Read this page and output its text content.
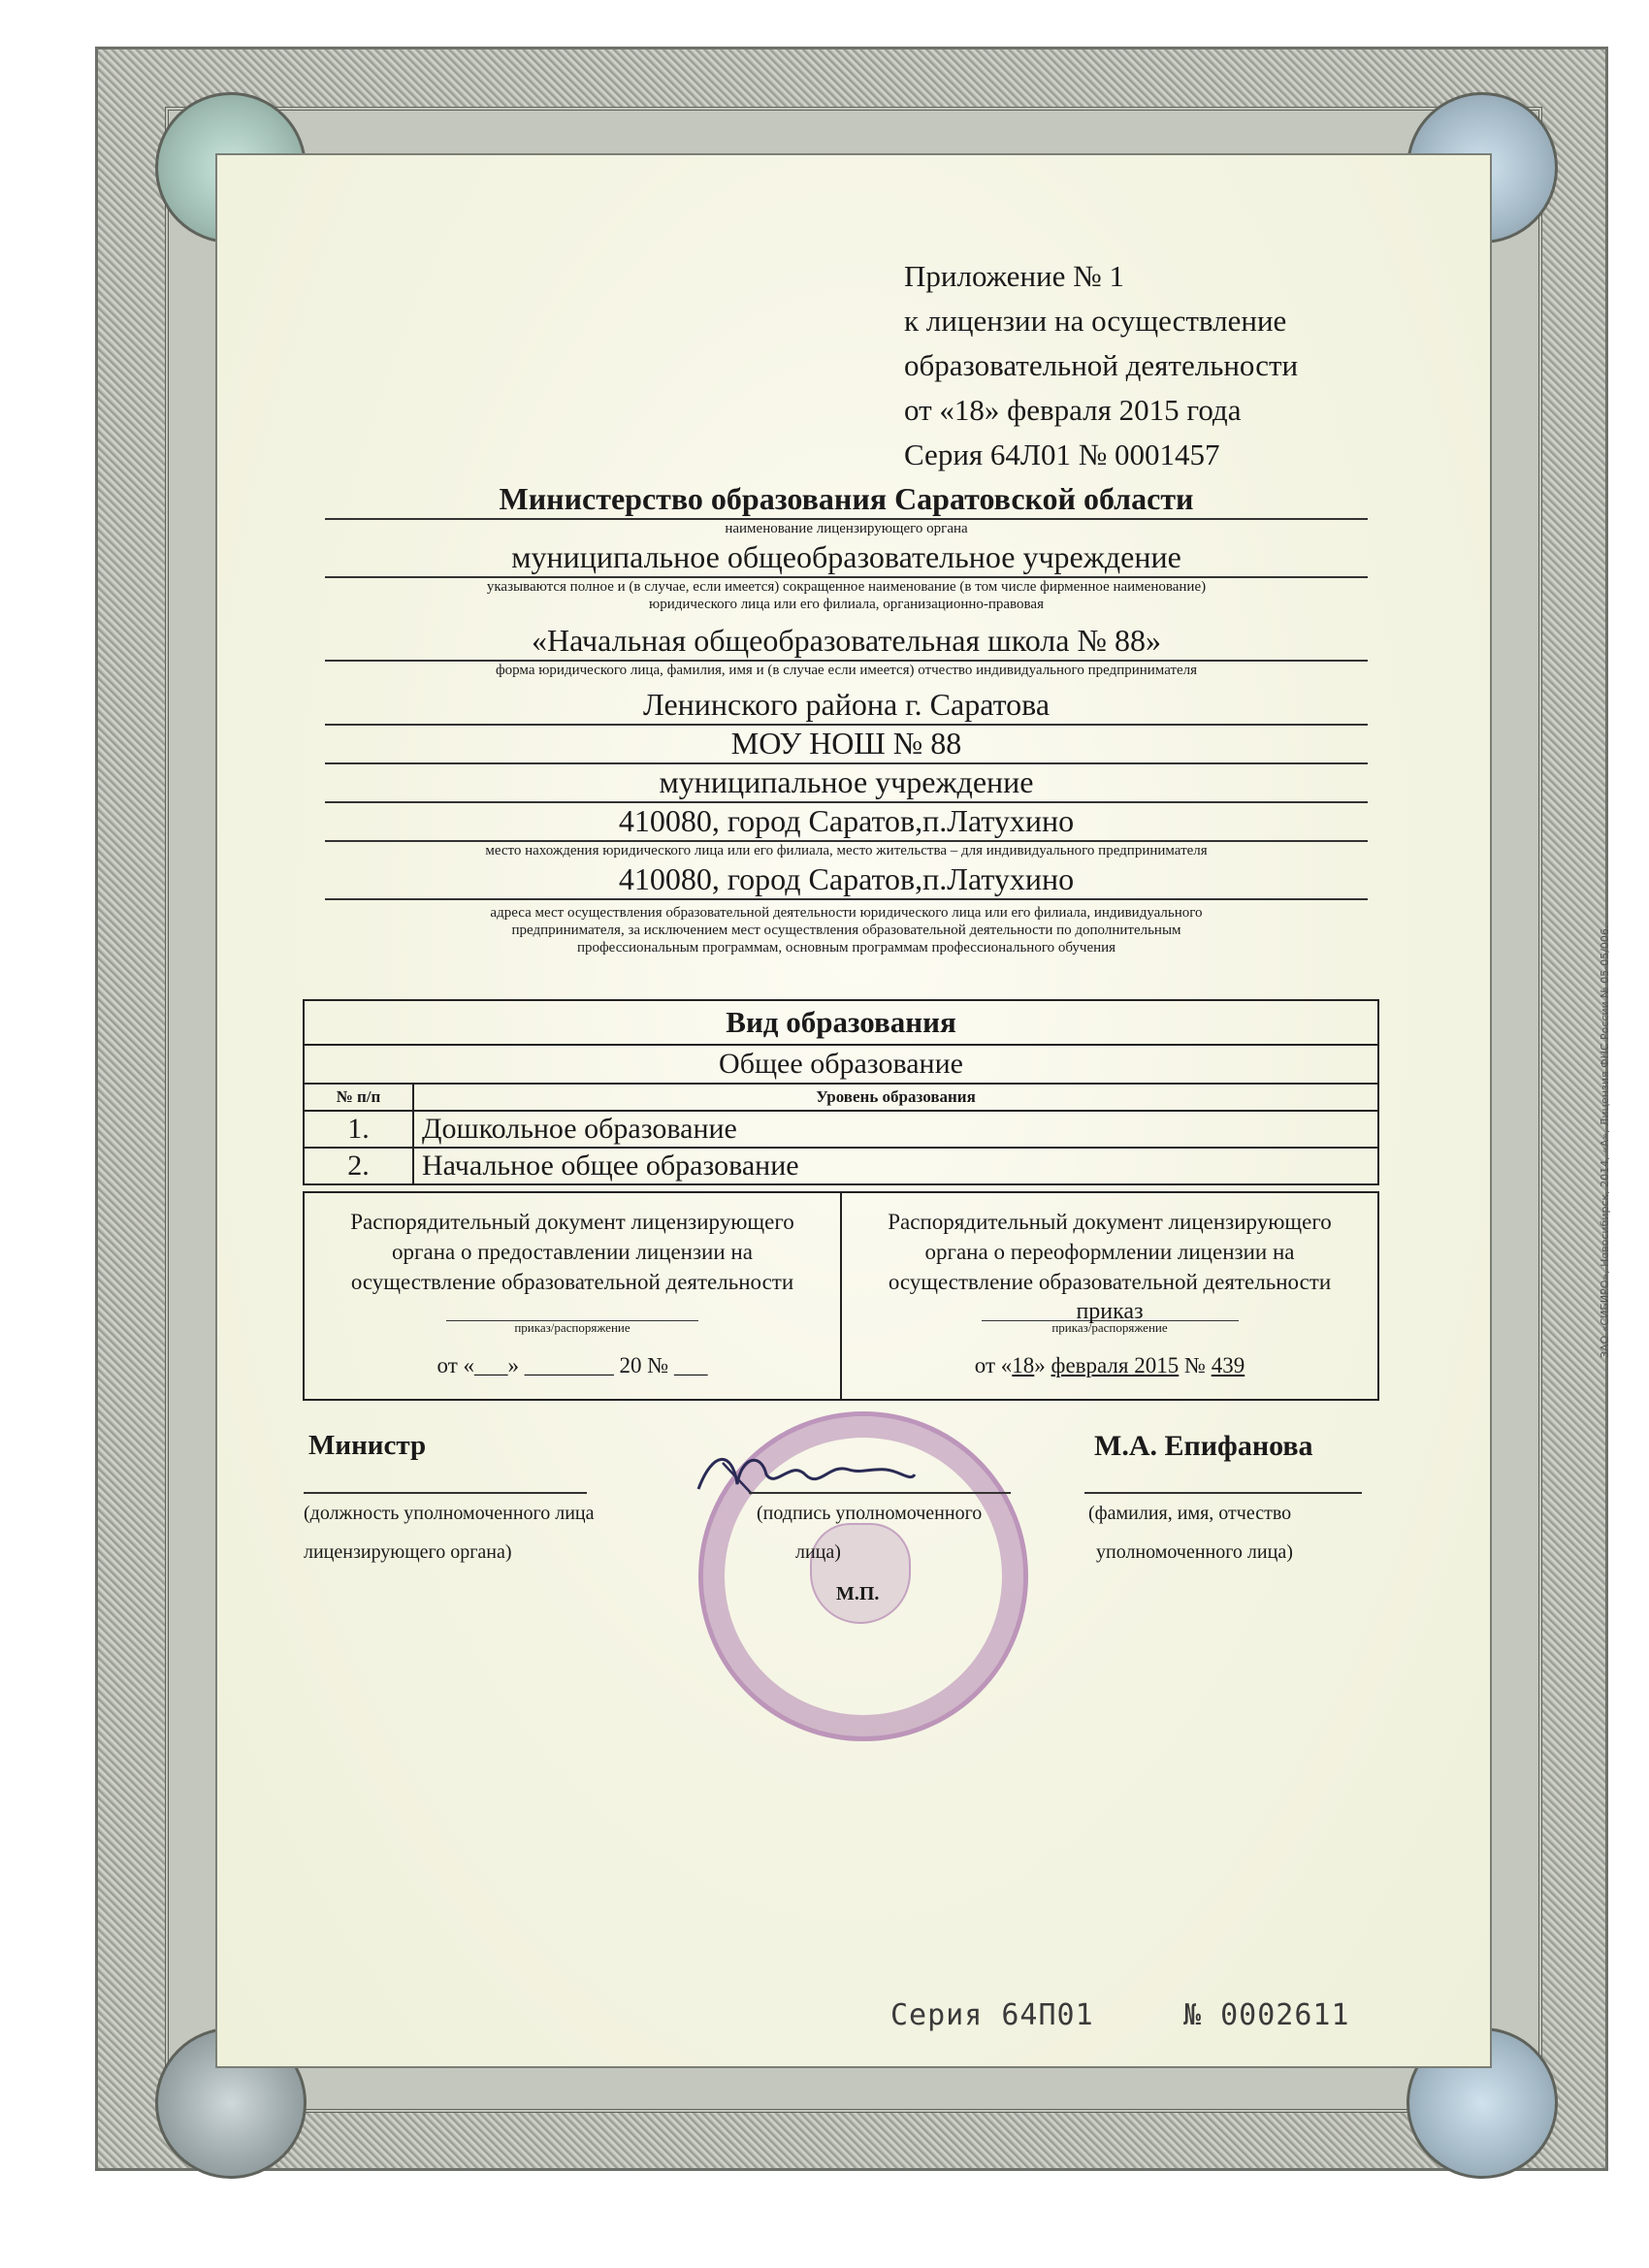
Приложение № 1
к лицензии на осуществление
образовательной деятельности
от «18» февраля 2015 года
Серия 64Л01 № 0001457
Министерство образования Саратовской области
наименование лицензирующего органа
муниципальное общеобразовательное учреждение
указываются полное и (в случае, если имеется) сокращенное наименование (в том числе фирменное наименование)
юридического лица или его филиала, организационно-правовая
«Начальная общеобразовательная школа № 88»
форма юридического лица, фамилия, имя и (в случае если имеется) отчество индивидуального предпринимателя
Ленинского района г. Саратова
МОУ НОШ № 88
муниципальное учреждение
410080, город Саратов,п.Латухино
место нахождения юридического лица или его филиала, место жительства – для индивидуального предпринимателя
410080, город Саратов,п.Латухино
адреса мест осуществления образовательной деятельности юридического лица или его филиала, индивидуального
предпринимателя, за исключением мест осуществления образовательной деятельности по дополнительным
профессиональным программам, основным программам профессионального обучения
Вид образования	
Общее образование	
№ п/п	Уровень образования
1.	Дошкольное образование
2.	Начальное общее образование
Распорядительный документ лицензирующего
органа о предоставлении лицензии на
осуществление образовательной деятельности
приказ/распоряжение
от «___» ________ 20 № ___

Распорядительный документ лицензирующего
органа о переоформлении лицензии на
осуществление образовательной деятельности
приказ
приказ/распоряжение
от «18» февраля 2015 № 439
Министр
(должность уполномоченного лица
лицензирующего органа)
(подпись уполномоченного
лица)
М.П.
М.А. Епифанова
(фамилия, имя, отчество
уполномоченного лица)
Серия 64П01	№ 0002611
ЗАО «СИБИРО», Новосибирск, 2014, «А», Лицензия ФНС России № 05-05/006.
